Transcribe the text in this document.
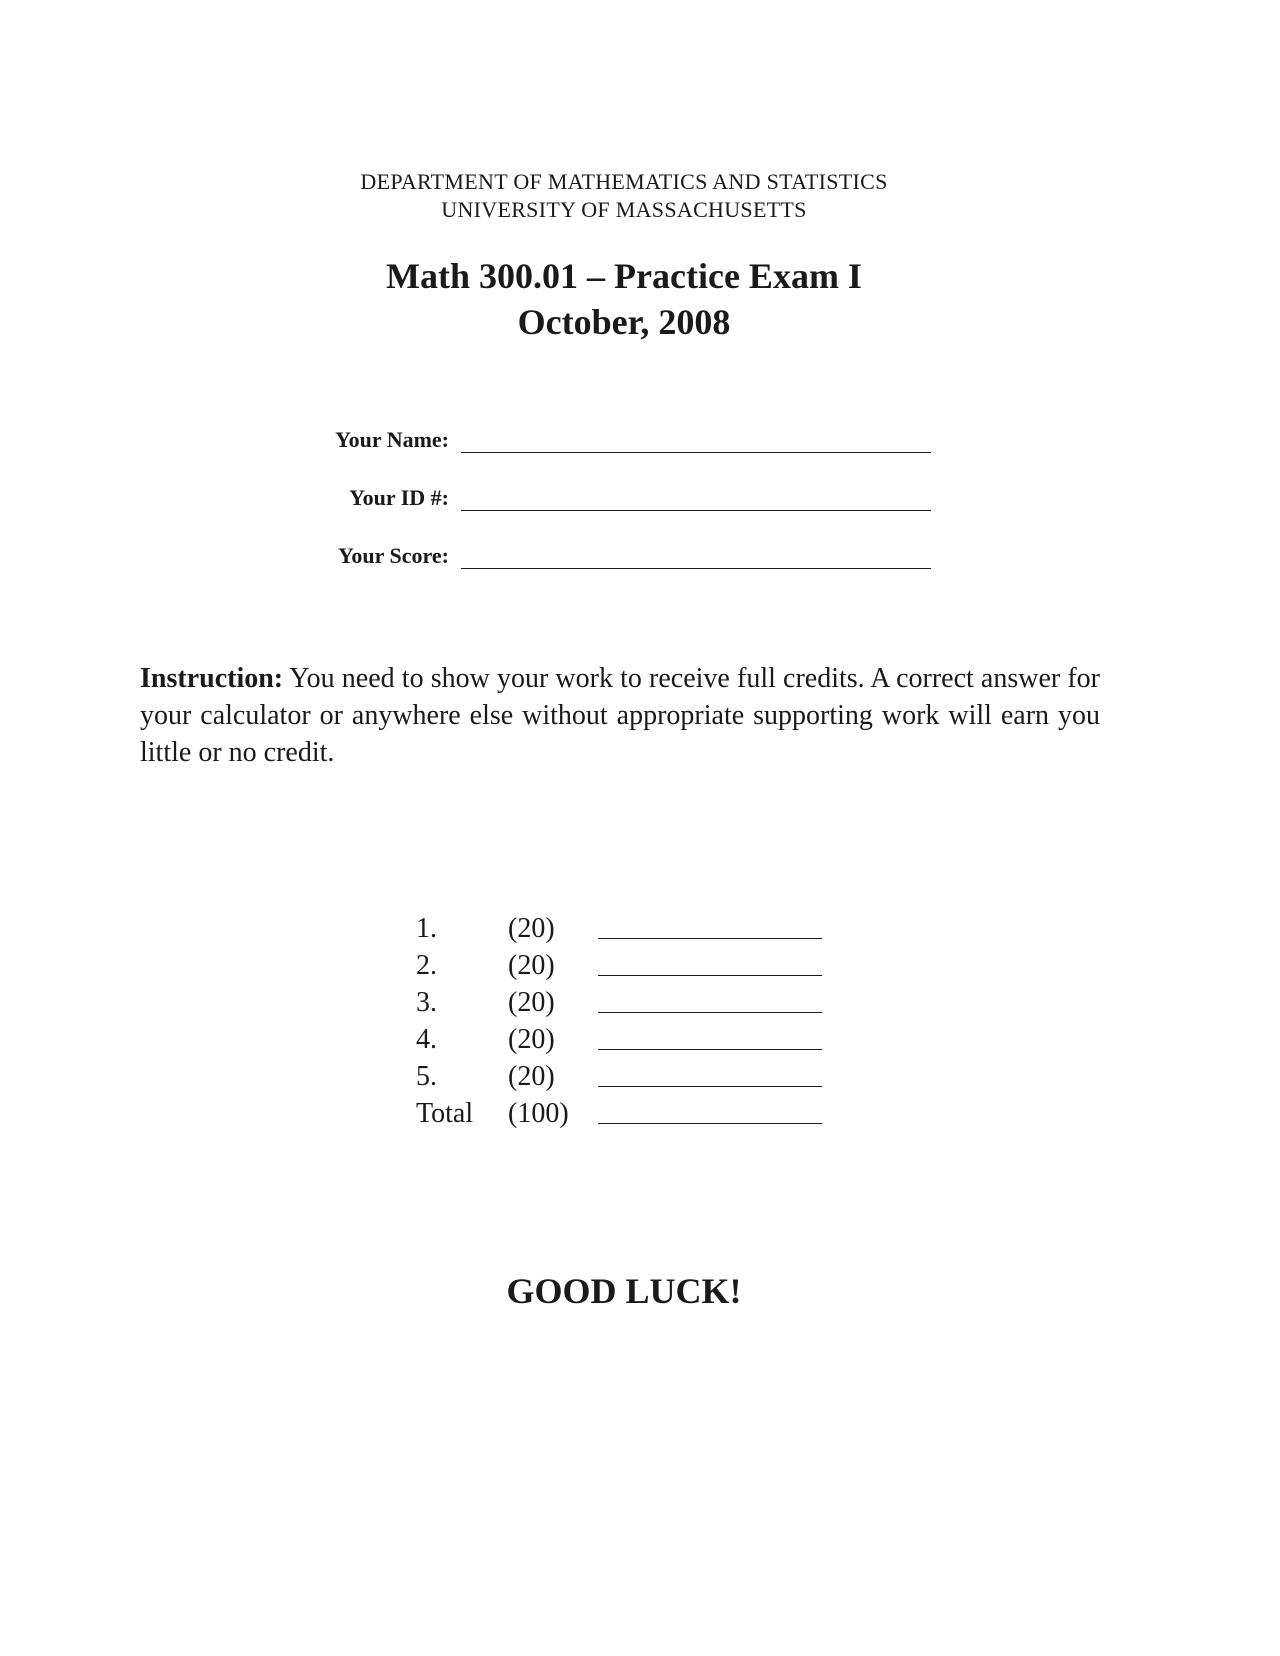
DEPARTMENT OF MATHEMATICS AND STATISTICS
UNIVERSITY OF MASSACHUSETTS
Math 300.01 – Practice Exam I
October, 2008
Your Name:
Your ID #:
Your Score:
Instruction: You need to show your work to receive full credits. A correct answer for your calculator or anywhere else without appropriate supporting work will earn you little or no credit.
1.	(20)
2.	(20)
3.	(20)
4.	(20)
5.	(20)
Total	(100)
GOOD LUCK!
